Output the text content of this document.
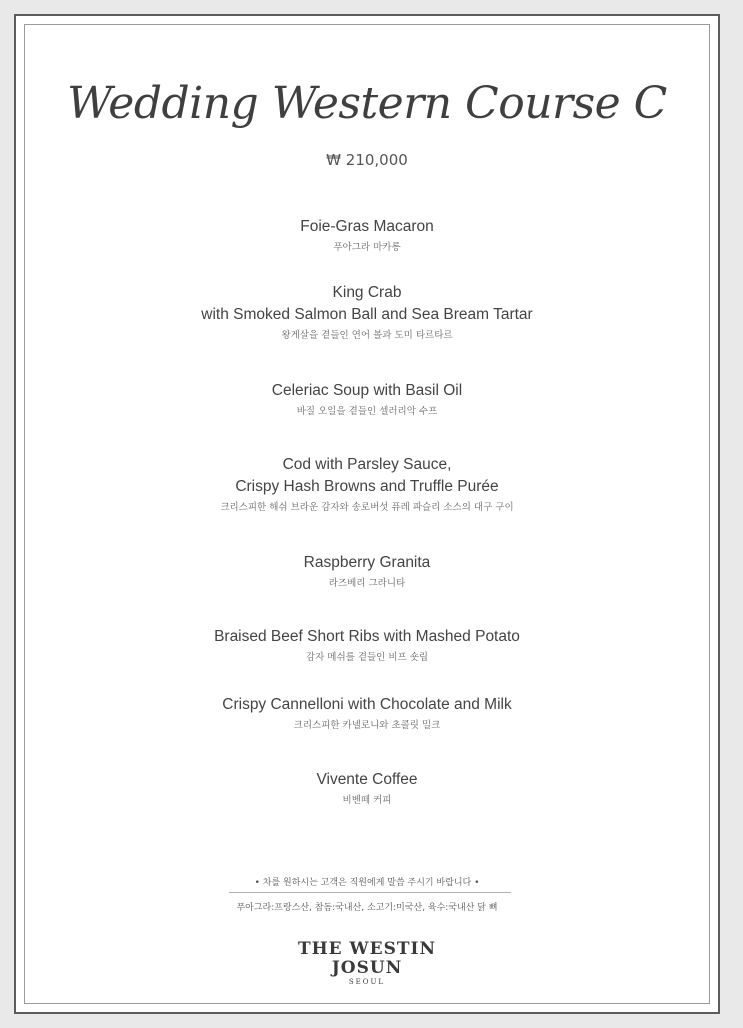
Wedding Western Course C
₩ 210,000
Foie-Gras Macaron
푸아그라 마카롱
King Crab
with Smoked Salmon Ball and Sea Bream Tartar
왕게살을 곁들인 연어 볼과 도미 타르타르
Celeriac Soup with Basil Oil
바질 오일을 곁들인 셀러리악 수프
Cod with Parsley Sauce,
Crispy Hash Browns and Truffle Purée
크리스피한 해쉬 브라운 감자와 송로버섯 퓨레 파슬리 소스의 대구 구이
Raspberry Granita
라즈베리 그라니타
Braised Beef Short Ribs with Mashed Potato
감자 메쉬를 곁들인 비프 숏립
Crispy Cannelloni with Chocolate and Milk
크리스피한 카넬로니와 초콜릿 밀크
Vivente Coffee
비벤떼 커피
• 차를 원하시는 고객은 직원에게 말씀 주시기 바랍니다 •
푸아그라:프랑스산, 참돔:국내산, 소고기:미국산, 육수:국내산 닭 뼈
THE WESTIN
JOSUN
SEOUL
